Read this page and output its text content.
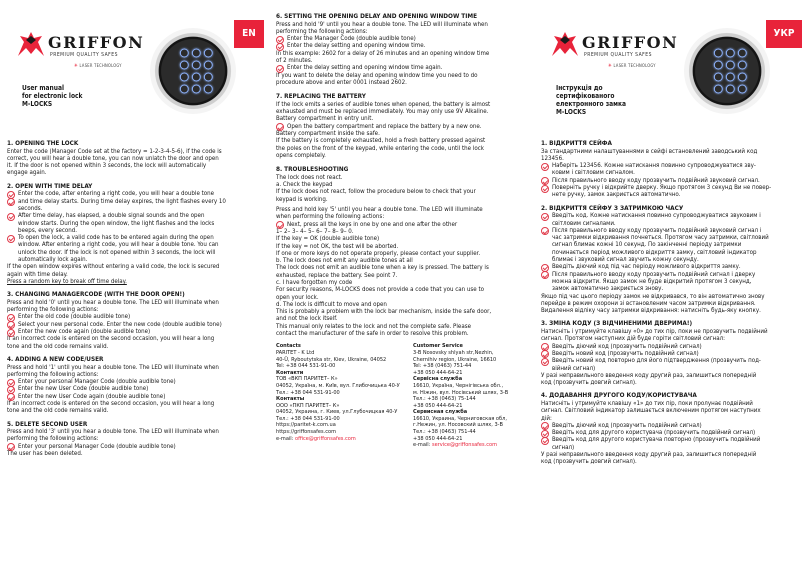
GRIFFON
PREMIUM QUALITY SAFES
✳ LASER TECHNOLOGY
EN
User manual
for electronic lock
M-LOCKS
1. OPENING THE LOCK
Enter the code (Manager Code set at the factory = 1-2-3-4-5-6), if the code is
correct, you will hear a double tone, you can now unlatch the door and open
it. If the door is not opened within 3 seconds, the lock will automatically
engage again.
2. OPEN WITH TIME DELAY
Enter the code, after entering a right code, you will hear a double tone
and time delay starts. During time delay expires, the light flashes every 10
seconds.
After time delay, has elapsed, a double signal sounds and the open
window starts. During the open window, the light flashes and the locks
beeps, every second.
To open the lock, a valid code has to be entered again during the open
window. After entering a right code, you will hear a double tone. You can
unlock the door. If the lock is not opened within 3 seconds, the lock will
automatically lock again.
If the open window expires without entering a valid code, the lock is secured
again with time delay.
Press a random key to break off time delay.
3. CHANGING MANAGERCODE (WITH THE DOOR OPEN!)
Press and hold '0' until you hear a double tone. The LED will illuminate when
performing the following actions:
Enter the old code (double audible tone)
Select your new personal code. Enter the new code (double audible tone)
Enter the new code again (double audible tone)
If an incorrect code is entered on the second occasion, you will hear a long
tone and the old code remains valid.
4. ADDING A NEW CODE/USER
Press and hold '1' until you hear a double tone. The LED will illuminate when
performing the following actions:
Enter your personal Manager Code (double audible tone)
Enter the new User Code (double audible tone)
Enter the new User Code again (double audible tone)
If an incorrect code is entered on the second occasion, you will hear a long
tone and the old code remains valid.
5. DELETE SECOND USER
Press and hold '3' until you hear a double tone. The LED will illuminate when
performing the following actions:
Enter your personal Manager Code (double audible tone)
The user has been deleted.
6. SETTING THE OPENING DELAY AND OPENING WINDOW TIME
Press and hold '9' until you hear a double tone. The LED will illuminate when
performing the following actions:
Enter the Manager Code (double audible tone)
Enter the delay setting and opening window time.
In this example: 2602 for a delay of 26 minutes and an opening window time
of 2 minutes.
Enter the delay setting and opening window time again.
If you want to delete the delay and opening window time you need to do
procedure above and enter 0001 instead 2602.
7. REPLACING THE BATTERY
If the lock emits a series of audible tones when opened, the battery is almost
exhausted and must be replaced immediately. You may only use 9V Alkaline.
Battery compartment in entry unit.
Open the battery compartment and replace the battery by a new one.
Battery compartment inside the safe.
If the battery is completely exhausted, hold a fresh battery pressed against
the poles on the front of the keypad, while entering the code, until the lock
opens completely.
8. TROUBLESHOOTING
The lock does not react.
a. Check the keypad
If the lock does not react, follow the procedure below to check that your
keypad is working.
Press and hold key '5' until you hear a double tone. The LED will illuminate
when performing the following actions:
Next, press all the keys in one by one and one after the other
1– 2– 3– 4– 5– 6– 7– 8– 9– 0.
If the key = OK (double audible tone)
If the key = not OK, the test will be aborted.
If one or more keys do not operate properly, please contact your supplier.
b. The lock does not emit any audible tones at all
The lock does not emit an audible tone when a key is pressed. The battery is
exhausted, replace the battery. See point 7.
c. I have forgotten my code
For security reasons, M-LOCKS does not provide a code that you can use to
open your lock.
d. The lock is difficult to move and open
This is probably a problem with the lock bar mechanism, inside the safe door,
and not the lock itself.
This manual only relates to the lock and not the complete safe. Please
contact the manufacturer of the safe in order to resolve this problem.
Contacts
PARITET - K Ltd
40-Ü, Ryboutytska str, Kiev, Ukraine, 04052
Tel: +38 044 531-91-00
Контакти
ТОВ «ВКП ПАРИТЕТ– К»
04052, Україна, м. Київ, вул. Глибочицька 40-У
Тел.: +38 044 531-91-00
Контакты
ООО «ПКП ПАРИТЕТ– К»
04052, Украина, г. Киев, ул.Глубочицкая 40-У
Тел.: +38 044 531-91-00
https://paritet-k.com.ua
https://griffonsafes.com
e-mail: office@griffonsafes.com
Customer Service
3-B Nosovsky shlyah str,Nezhin,
Chernihiv region, Ukraine, 16610
Tel: +38 (0463) 751-44
+38 050 444-64-21
Сервісна служба
16610, Україна, Чернігівська обл.,
м. Ніжин, вул. Носівський шлях, 3-В
Тел.: +38 (0463) 75-144
+38 050 444-64-21
Сервисная служба
16610, Украина, Черниговская обл,
г.Нежин, ул. Носовский шлях, 3-В
Тел.: +38 (0463) 751-44
+38 050 444-64-21
e-mail: service@griffonsafes.com
GRIFFON
PREMIUM QUALITY SAFES
✳ LASER TECHNOLOGY
УКР
Інструкція до
сертифікованого
електронного замка
M-LOCKS
1. ВІДКРИТТЯ СЕЙФА
За стандартними налаштуваннями в сейфі встановлений заводський код
123456.
Наберіть 123456. Кожне натискання повинно супроводжуватися зву-
ковим і світловим сигналом.
Після правильного вводу коду прозвучить подвійний звуковий сигнал.
Поверніть ручку і відкрийте дверку. Якщо протягом 3 секунд Ви не повер-
нете ручку, замок закриється автоматично.
2. ВІДКРИТТЯ СЕЙФУ З ЗАТРИМКОЮ ЧАСУ
Введіть код. Кожне натискання повинно супроводжуватися звуковим і
світловим сигналами.
Після правильного вводу коду прозвучить подвійний звуковий сигнал і
час затримки відкривання почнеться. Протягом часу затримки, світловий
сигнал блимає кожні 10 секунд. По закінченні періоду затримки
починається період можливого відкриття замку, світловий індикатор
блимає і звуковий сигнал звучить кожну секунду.
Введіть діючий код під час періоду можливого відкриття замку.
Після правильного вводу коду прозвучить подвійний сигнал і дверку
можна відкрити. Якщо замок не буде відкритий протягом 3 секунд,
замок автоматично закриється знову.
Якщо під час цього періоду замок не відкривався, то він автоматично знову
перейде в режим охорони зі встановленим часом затримки відкривання.
Видалення відліку часу затримки відкривання: натисніть будь-яку кнопку.
3. ЗМІНА КОДУ (З ВІДЧИНЕНИМИ ДВЕРИМА!)
Натисніть і утримуйте клавішу «0» до тих пір, поки не прозвучить подвійний
сигнал. Протягом наступних дій буде горіти світловий сигнал:
Введіть діючий код (прозвучить подвійний сигнал)
Введіть новий код (прозвучить подвійний сигнал)
Введіть новий код повторно для його підтвердження (прозвучить под-
війний сигнал)
У разі неправильного введення коду другий раз, залишиться попередній
код (прозвучить довгий сигнал).
4. ДОДАВАННЯ ДРУГОГО КОДУ/КОРИСТУВАЧА
Натисніть і утримуйте клавішу «1» до тих пір, поки пролунає подвійний
сигнал. Світловий індикатор залишається включеним протягом наступних
дій:
Введіть діючий код (прозвучить подвійний сигнал)
Введіть код для другого користувача (прозвучить подвійний сигнал)
Введіть код для другого користувача повторно (прозвучить подвійний
сигнал)
У разі неправильного введення коду другий раз, залишиться попередній
код (прозвучить довгий сигнал).
